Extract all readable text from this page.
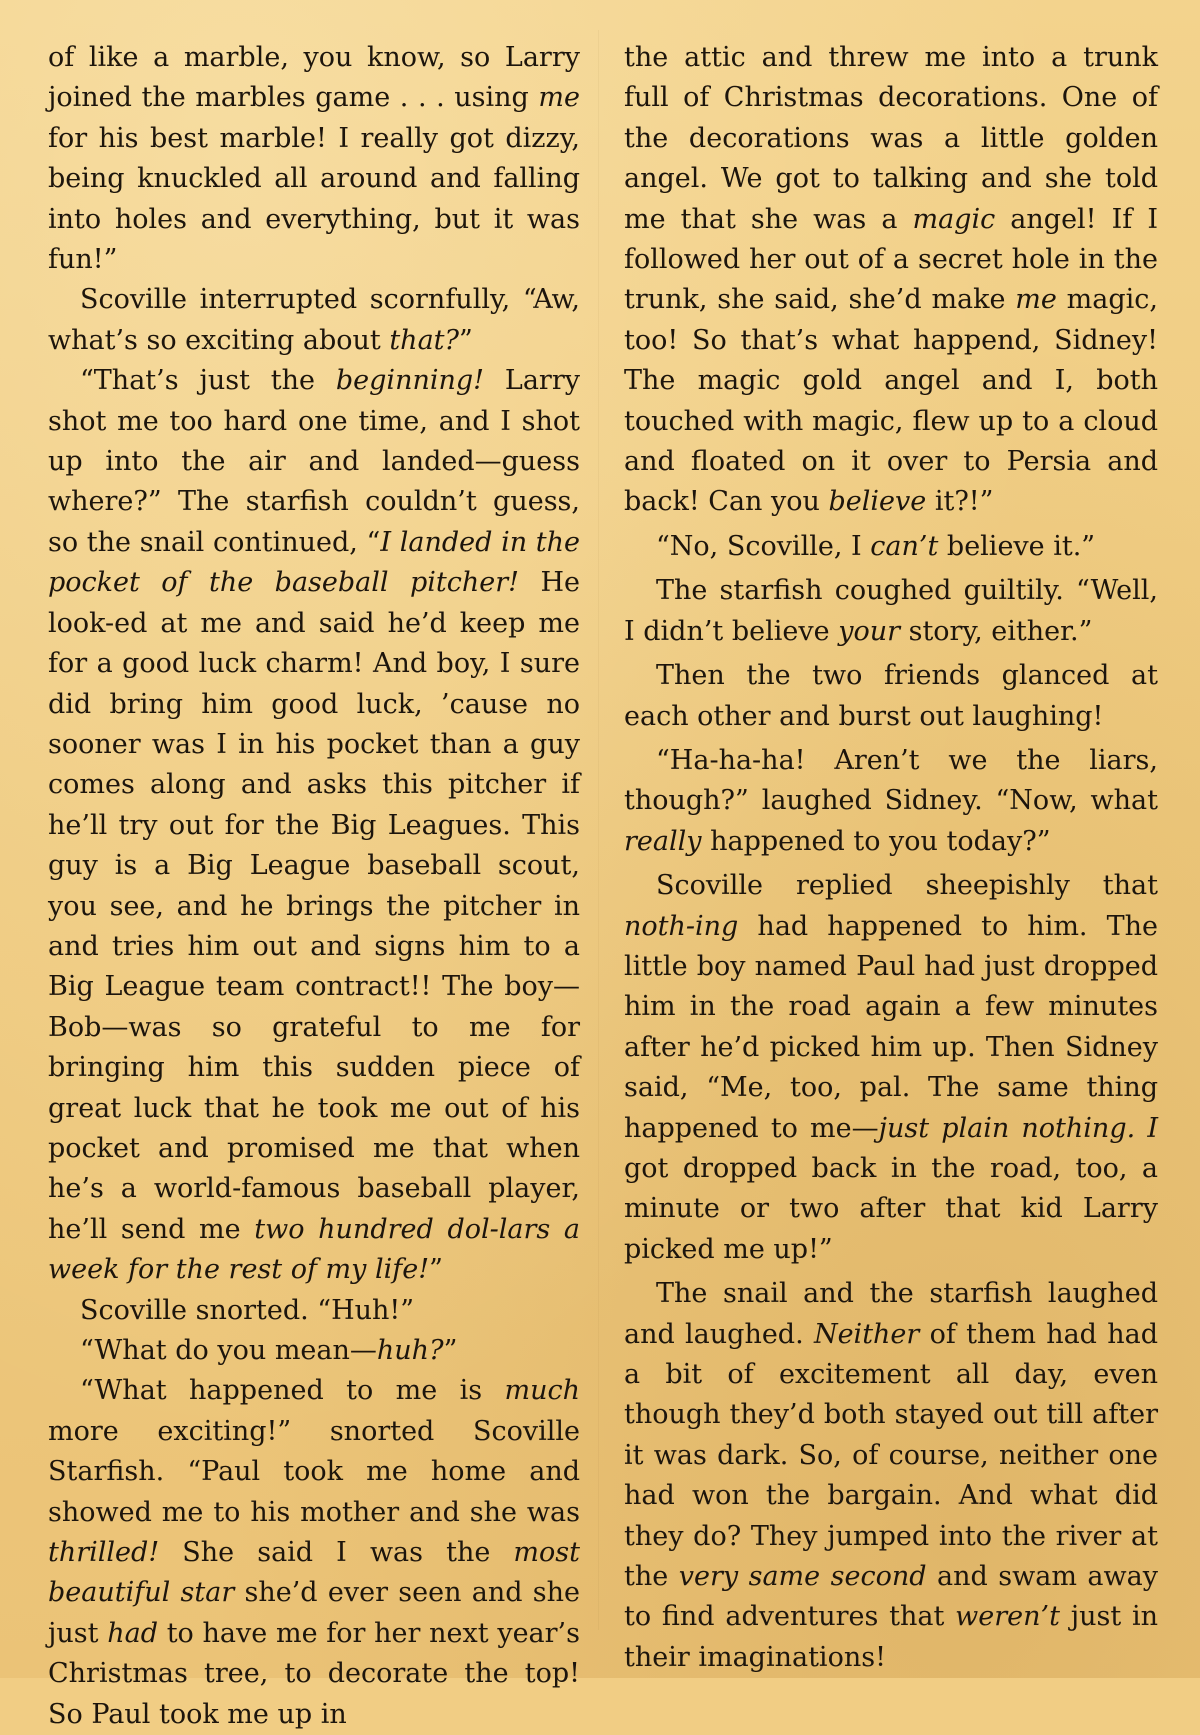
of like a marble, you know, so Larry joined the marbles game . . . using me for his best marble! I really got dizzy, being knuckled all around and falling into holes and everything, but it was fun!”

Scoville interrupted scornfully, “Aw, what’s so exciting about that?”

“That’s just the beginning! Larry shot me too hard one time, and I shot up into the air and landed—guess where?” The starfish couldn’t guess, so the snail continued, “I landed in the pocket of the baseball pitcher! He look-ed at me and said he’d keep me for a good luck charm! And boy, I sure did bring him good luck, ’cause no sooner was I in his pocket than a guy comes along and asks this pitcher if he’ll try out for the Big Leagues. This guy is a Big League baseball scout, you see, and he brings the pitcher in and tries him out and signs him to a Big League team contract!! The boy—Bob—was so grateful to me for bringing him this sudden piece of great luck that he took me out of his pocket and promised me that when he’s a world-famous baseball player, he’ll send me two hundred dol-lars a week for the rest of my life!”

Scoville snorted. “Huh!”

“What do you mean—huh?”

“What happened to me is much more exciting!” snorted Scoville Starfish. “Paul took me home and showed me to his mother and she was thrilled! She said I was the most beautiful star she’d ever seen and she just had to have me for her next year’s Christmas tree, to decorate the top! So Paul took me up in

the attic and threw me into a trunk full of Christmas decorations. One of the decorations was a little golden angel. We got to talking and she told me that she was a magic angel! If I followed her out of a secret hole in the trunk, she said, she’d make me magic, too! So that’s what happend, Sidney! The magic gold angel and I, both touched with magic, flew up to a cloud and floated on it over to Persia and back! Can you believe it?!”

“No, Scoville, I can’t believe it.”

The starfish coughed guiltily. “Well, I didn’t believe your story, either.”

Then the two friends glanced at each other and burst out laughing!

“Ha-ha-ha! Aren’t we the liars, though?” laughed Sidney. “Now, what really happened to you today?”

Scoville replied sheepishly that noth-ing had happened to him. The little boy named Paul had just dropped him in the road again a few minutes after he’d picked him up. Then Sidney said, “Me, too, pal. The same thing happened to me—just plain nothing. I got dropped back in the road, too, a minute or two after that kid Larry picked me up!”

The snail and the starfish laughed and laughed. Neither of them had had a bit of excitement all day, even though they’d both stayed out till after it was dark. So, of course, neither one had won the bargain. And what did they do? They jumped into the river at the very same second and swam away to find adventures that weren’t just in their imaginations!
